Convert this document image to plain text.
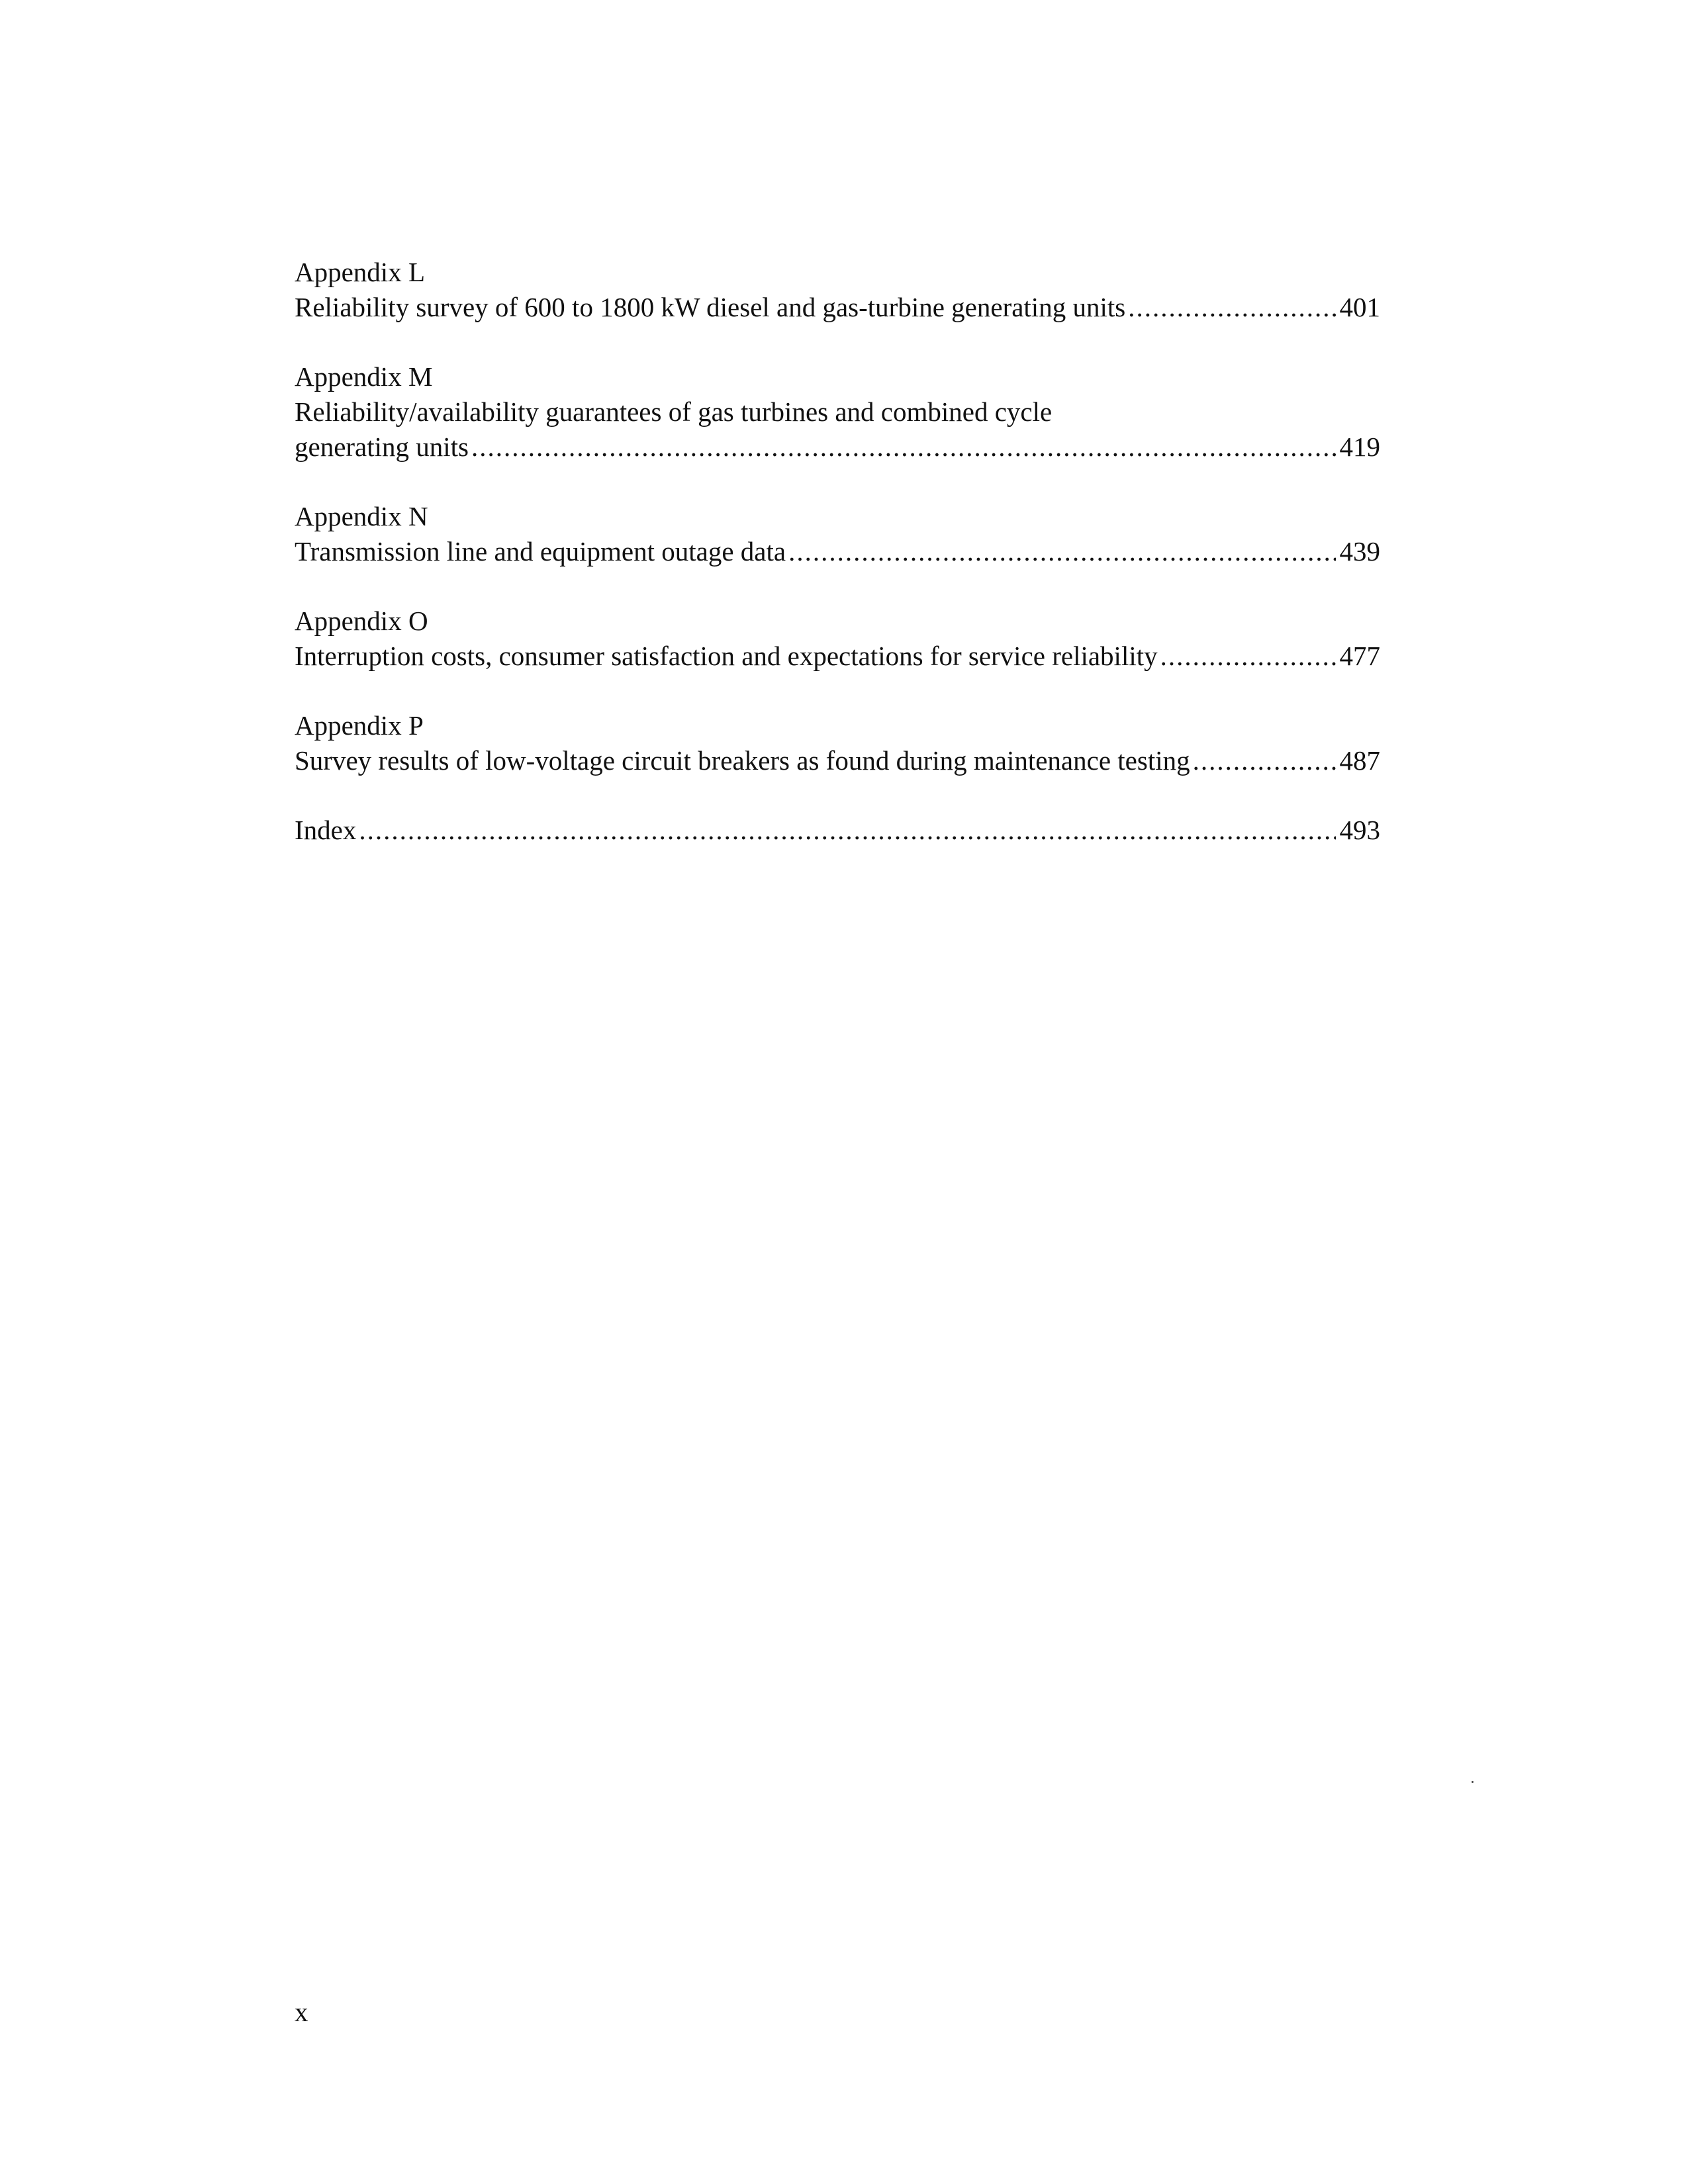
Appendix L
Reliability survey of 600 to 1800 kW diesel and gas-turbine generating units .....	401
Appendix M
Reliability/availability guarantees of gas turbines and combined cycle
generating units .....	419
Appendix N
Transmission line and equipment outage data .....	439
Appendix O
Interruption costs, consumer satisfaction and expectations for service reliability .....	477
Appendix P
Survey results of low-voltage circuit breakers as found during maintenance testing .....	487
Index .....	493
x
